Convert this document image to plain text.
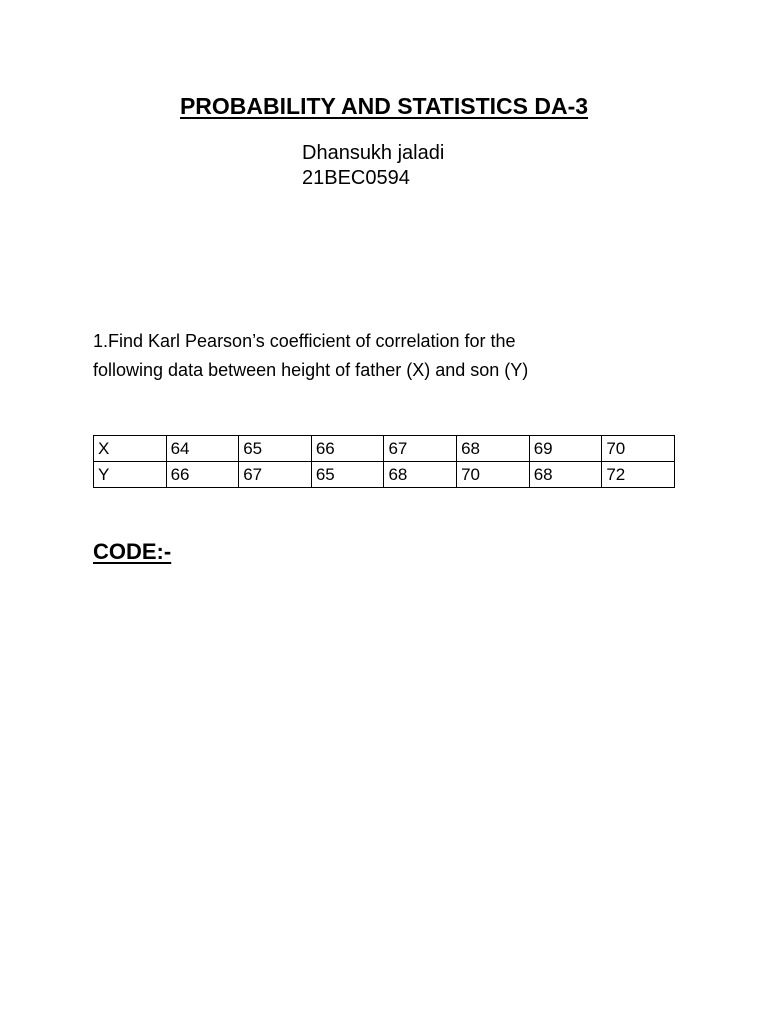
PROBABILITY AND STATISTICS DA-3
Dhansukh jaladi
21BEC0594

1.Find Karl Pearson’s coefficient of correlation for the
following data between height of father (X) and son (Y)

X	64	65	66	67	68	69	70
Y	66	67	65	68	70	68	72
CODE:-
